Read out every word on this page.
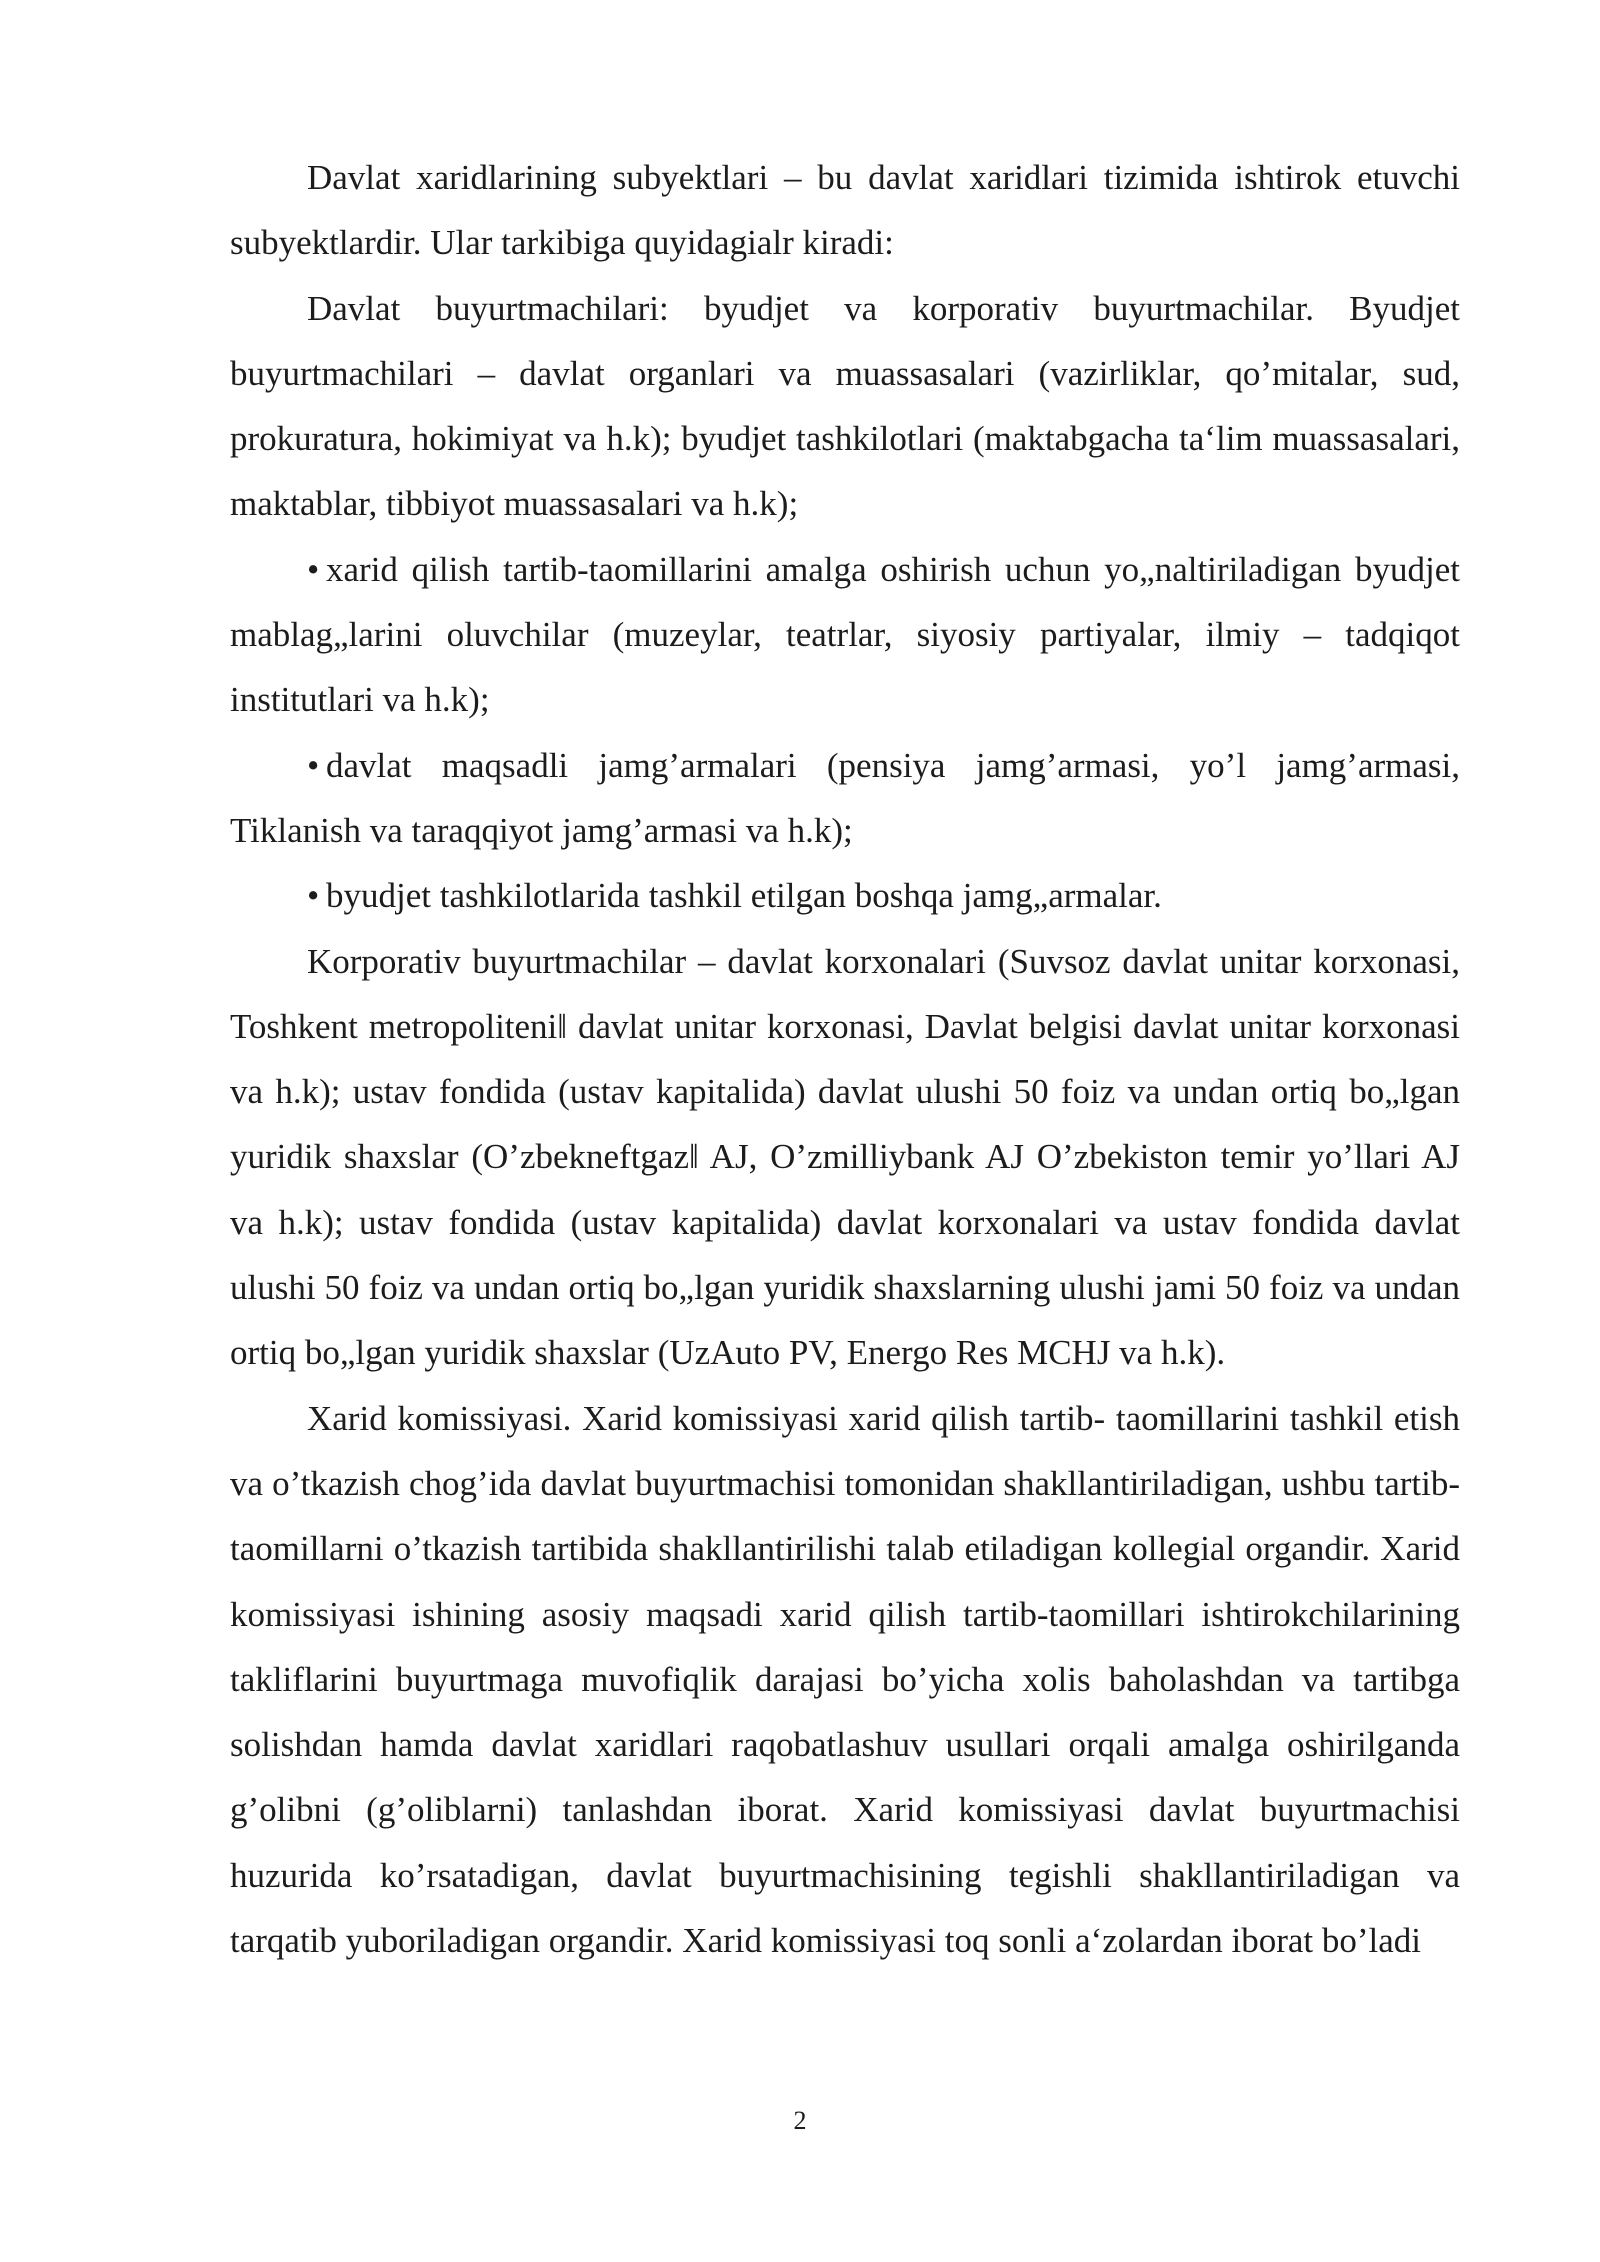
Davlat xaridlarining subyektlari – bu davlat xaridlari tizimida ishtirok etuvchi subyektlardir. Ular tarkibiga quyidagialr kiradi:

Davlat buyurtmachilari: byudjet va korporativ buyurtmachilar. Byudjet buyurtmachilari – davlat organlari va muassasalari (vazirliklar, qo’mitalar, sud, prokuratura, hokimiyat va h.k); byudjet tashkilotlari (maktabgacha ta‘lim muassasalari, maktablar, tibbiyot muassasalari va h.k);

• xarid qilish tartib-taomillarini amalga oshirish uchun yo„naltiriladigan byudjet mablag„larini oluvchilar (muzeylar, teatrlar, siyosiy partiyalar, ilmiy – tadqiqot institutlari va h.k);

• davlat maqsadli jamg’armalari (pensiya jamg’armasi, yo’l jamg’armasi, Tiklanish va taraqqiyot jamg’armasi va h.k);

• byudjet tashkilotlarida tashkil etilgan boshqa jamg„armalar.

Korporativ buyurtmachilar – davlat korxonalari (Suvsoz davlat unitar korxonasi, Toshkent metropoliteni‖ davlat unitar korxonasi, Davlat belgisi davlat unitar korxonasi va h.k); ustav fondida (ustav kapitalida) davlat ulushi 50 foiz va undan ortiq bo„lgan yuridik shaxslar (O’zbekneftgaz‖ AJ, O’zmilliybank AJ O’zbekiston temir yo’llari AJ va h.k); ustav fondida (ustav kapitalida) davlat korxonalari va ustav fondida davlat ulushi 50 foiz va undan ortiq bo„lgan yuridik shaxslarning ulushi jami 50 foiz va undan ortiq bo„lgan yuridik shaxslar (UzAuto PV, Energo Res MCHJ va h.k).

Xarid komissiyasi. Xarid komissiyasi xarid qilish tartib- taomillarini tashkil etish va o’tkazish chog’ida davlat buyurtmachisi tomonidan shakllantiriladigan, ushbu tartib-taomillarni o’tkazish tartibida shakllantirilishi talab etiladigan kollegial organdir. Xarid komissiyasi ishining asosiy maqsadi xarid qilish tartib-taomillari ishtirokchilarining takliflarini buyurtmaga muvofiqlik darajasi bo’yicha xolis baholashdan va tartibga solishdan hamda davlat xaridlari raqobatlashuv usullari orqali amalga oshirilganda g’olibni (g’oliblarni) tanlashdan iborat. Xarid komissiyasi davlat buyurtmachisi huzurida ko’rsatadigan, davlat buyurtmachisining tegishli shakllantiriladigan va tarqatib yuboriladigan organdir. Xarid komissiyasi toq sonli a‘zolardan iborat bo’ladi

2
